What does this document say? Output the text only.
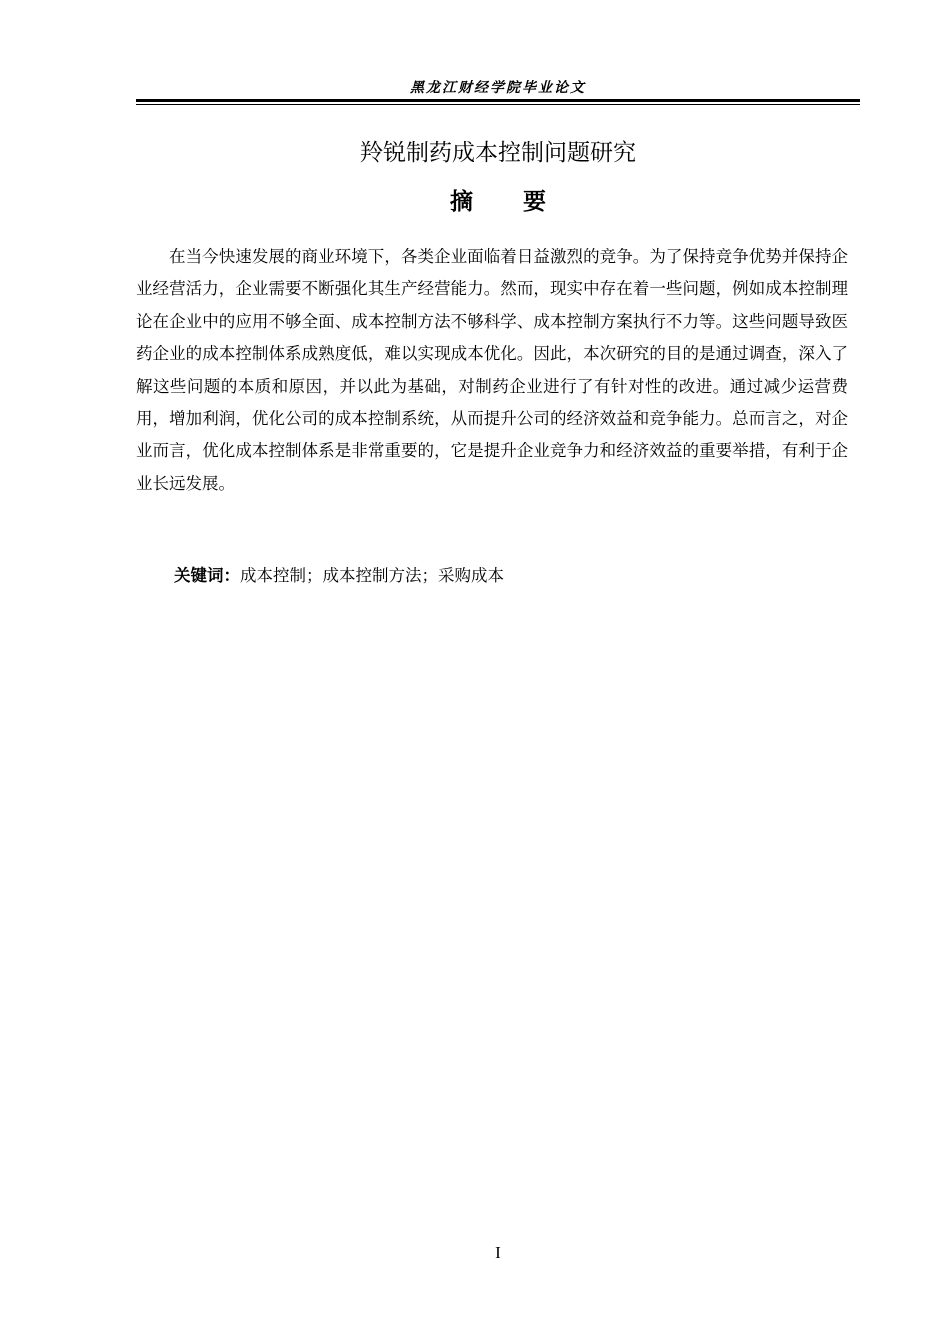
黑龙江财经学院毕业论文
羚锐制药成本控制问题研究
摘 要

在当今快速发展的商业环境下，各类企业面临着日益激烈的竞争。为了保持竞争优势并保持企业经营活力，企业需要不断强化其生产经营能力。然而，现实中存在着一些问题，例如成本控制理论在企业中的应用不够全面、成本控制方法不够科学、成本控制方案执行不力等。这些问题导致医药企业的成本控制体系成熟度低，难以实现成本优化。因此，本次研究的目的是通过调查，深入了解这些问题的本质和原因，并以此为基础，对制药企业进行了有针对性的改进。通过减少运营费用，增加利润，优化公司的成本控制系统，从而提升公司的经济效益和竞争能力。总而言之，对企业而言，优化成本控制体系是非常重要的，它是提升企业竞争力和经济效益的重要举措，有利于企业长远发展。

关键词：成本控制；成本控制方法；采购成本
I
